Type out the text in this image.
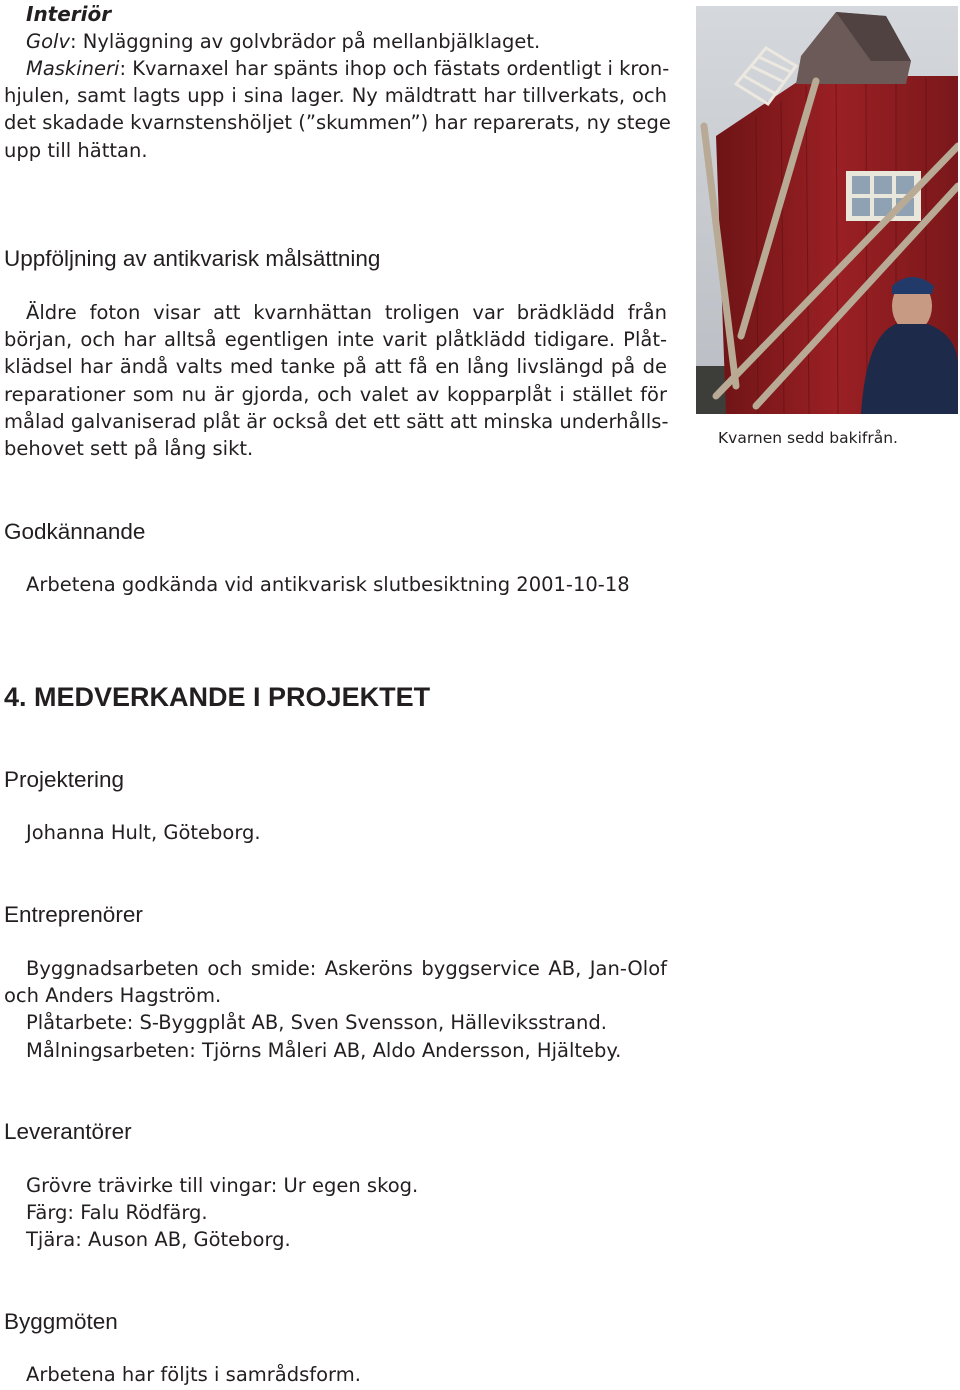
Interiör
Golv: Nyläggning av golvbrädor på mellanbjälklaget.
Maskineri: Kvarnaxel har spänts ihop och fästats ordentligt i kron-
hjulen, samt lagts upp i sina lager. Ny mäldtratt har tillverkats, och
det skadade kvarnstenshöljet (”skummen”) har reparerats, ny stege
upp till hättan.
Uppföljning av antikvarisk målsättning
Äldre foton visar att kvarnhättan troligen var brädklädd från
början, och har alltså egentligen inte varit plåtklädd tidigare. Plåt-
klädsel har ändå valts med tanke på att få en lång livslängd på de
reparationer som nu är gjorda, och valet av kopparplåt i stället för
målad galvaniserad plåt är också det ett sätt att minska underhålls-
behovet sett på lång sikt.	Kvarnen sedd bakifrån.
Godkännande
Arbetena godkända vid antikvarisk slutbesiktning 2001-10-18
4. MEDVERKANDE I PROJEKTET
Projektering
Johanna Hult, Göteborg.
Entreprenörer
Byggnadsarbeten och smide: Askeröns byggservice AB, Jan-Olof
och Anders Hagström.
Plåtarbete: S-Byggplåt AB, Sven Svensson, Hälleviksstrand.
Målningsarbeten: Tjörns Måleri AB, Aldo Andersson, Hjälteby.
Leverantörer
Grövre trävirke till vingar: Ur egen skog.
Färg: Falu Rödfärg.
Tjära: Auson AB, Göteborg.
Byggmöten
Arbetena har följts i samrådsform.
